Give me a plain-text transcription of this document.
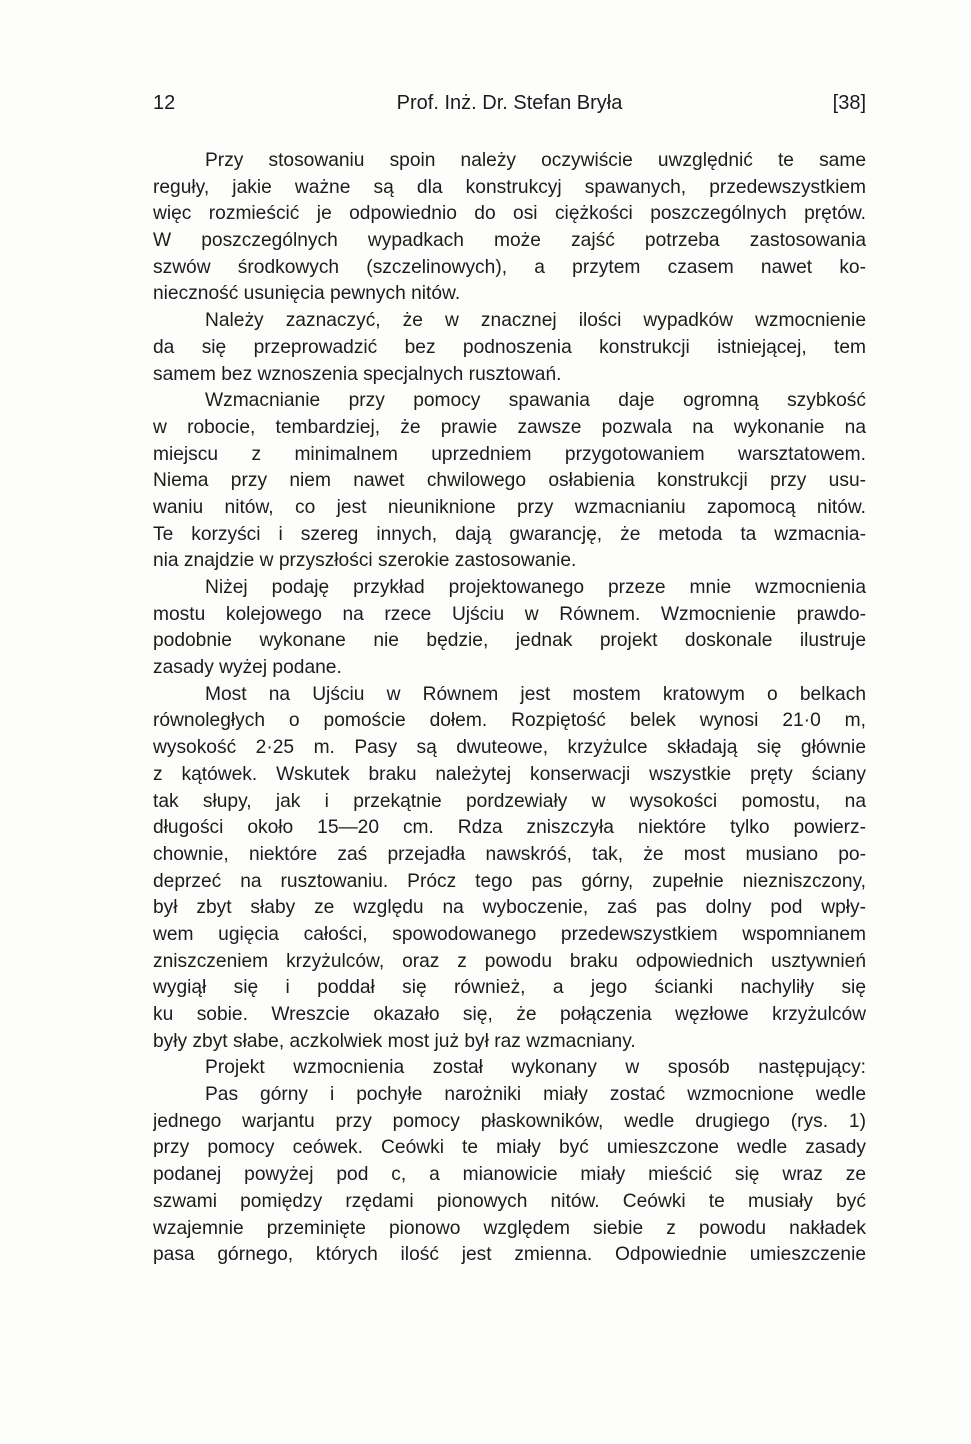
12	Prof. Inż. Dr. Stefan Bryła	[38]
Przy stosowaniu spoin należy oczywiście uwzględnić te same
reguły, jakie ważne są dla konstrukcyj spawanych, przedewszystkiem
więc rozmieścić je odpowiednio do osi ciężkości poszczególnych prętów.
W poszczególnych wypadkach może zajść potrzeba zastosowania
szwów środkowych (szczelinowych), a przytem czasem nawet ko-
nieczność usunięcia pewnych nitów.
Należy zaznaczyć, że w znacznej ilości wypadków wzmocnienie
da się przeprowadzić bez podnoszenia konstrukcji istniejącej, tem
samem bez wznoszenia specjalnych rusztowań.
Wzmacnianie przy pomocy spawania daje ogromną szybkość
w robocie, tembardziej, że prawie zawsze pozwala na wykonanie na
miejscu z minimalnem uprzedniem przygotowaniem warsztatowem.
Niema przy niem nawet chwilowego osłabienia konstrukcji przy usu-
waniu nitów, co jest nieuniknione przy wzmacnianiu zapomocą nitów.
Te korzyści i szereg innych, dają gwarancję, że metoda ta wzmacnia-
nia znajdzie w przyszłości szerokie zastosowanie.
Niżej podaję przykład projektowanego przeze mnie wzmocnienia
mostu kolejowego na rzece Ujściu w Równem. Wzmocnienie prawdo-
podobnie wykonane nie będzie, jednak projekt doskonale ilustruje
zasady wyżej podane.
Most na Ujściu w Równem jest mostem kratowym o belkach
równoległych o pomoście dołem. Rozpiętość belek wynosi 21·0 m,
wysokość 2·25 m. Pasy są dwuteowe, krzyżulce składają się głównie
z kątówek. Wskutek braku należytej konserwacji wszystkie pręty ściany
tak słupy, jak i przekątnie pordzewiały w wysokości pomostu, na
długości około 15—20 cm. Rdza zniszczyła niektóre tylko powierz-
chownie, niektóre zaś przejadła nawskróś, tak, że most musiano po-
deprzeć na rusztowaniu. Prócz tego pas górny, zupełnie niezniszczony,
był zbyt słaby ze względu na wyboczenie, zaś pas dolny pod wpły-
wem ugięcia całości, spowodowanego przedewszystkiem wspomnianem
zniszczeniem krzyżulców, oraz z powodu braku odpowiednich usztywnień
wygiął się i poddał się również, a jego ścianki nachyliły się
ku sobie. Wreszcie okazało się, że połączenia węzłowe krzyżulców
były zbyt słabe, aczkolwiek most już był raz wzmacniany.
Projekt wzmocnienia został wykonany w sposób następujący:
Pas górny i pochyłe narożniki miały zostać wzmocnione wedle
jednego warjantu przy pomocy płaskowników, wedle drugiego (rys. 1)
przy pomocy ceówek. Ceówki te miały być umieszczone wedle zasady
podanej powyżej pod c, a mianowicie miały mieścić się wraz ze
szwami pomiędzy rzędami pionowych nitów. Ceówki te musiały być
wzajemnie przeminięte pionowo względem siebie z powodu nakładek
pasa górnego, których ilość jest zmienna. Odpowiednie umieszczenie
